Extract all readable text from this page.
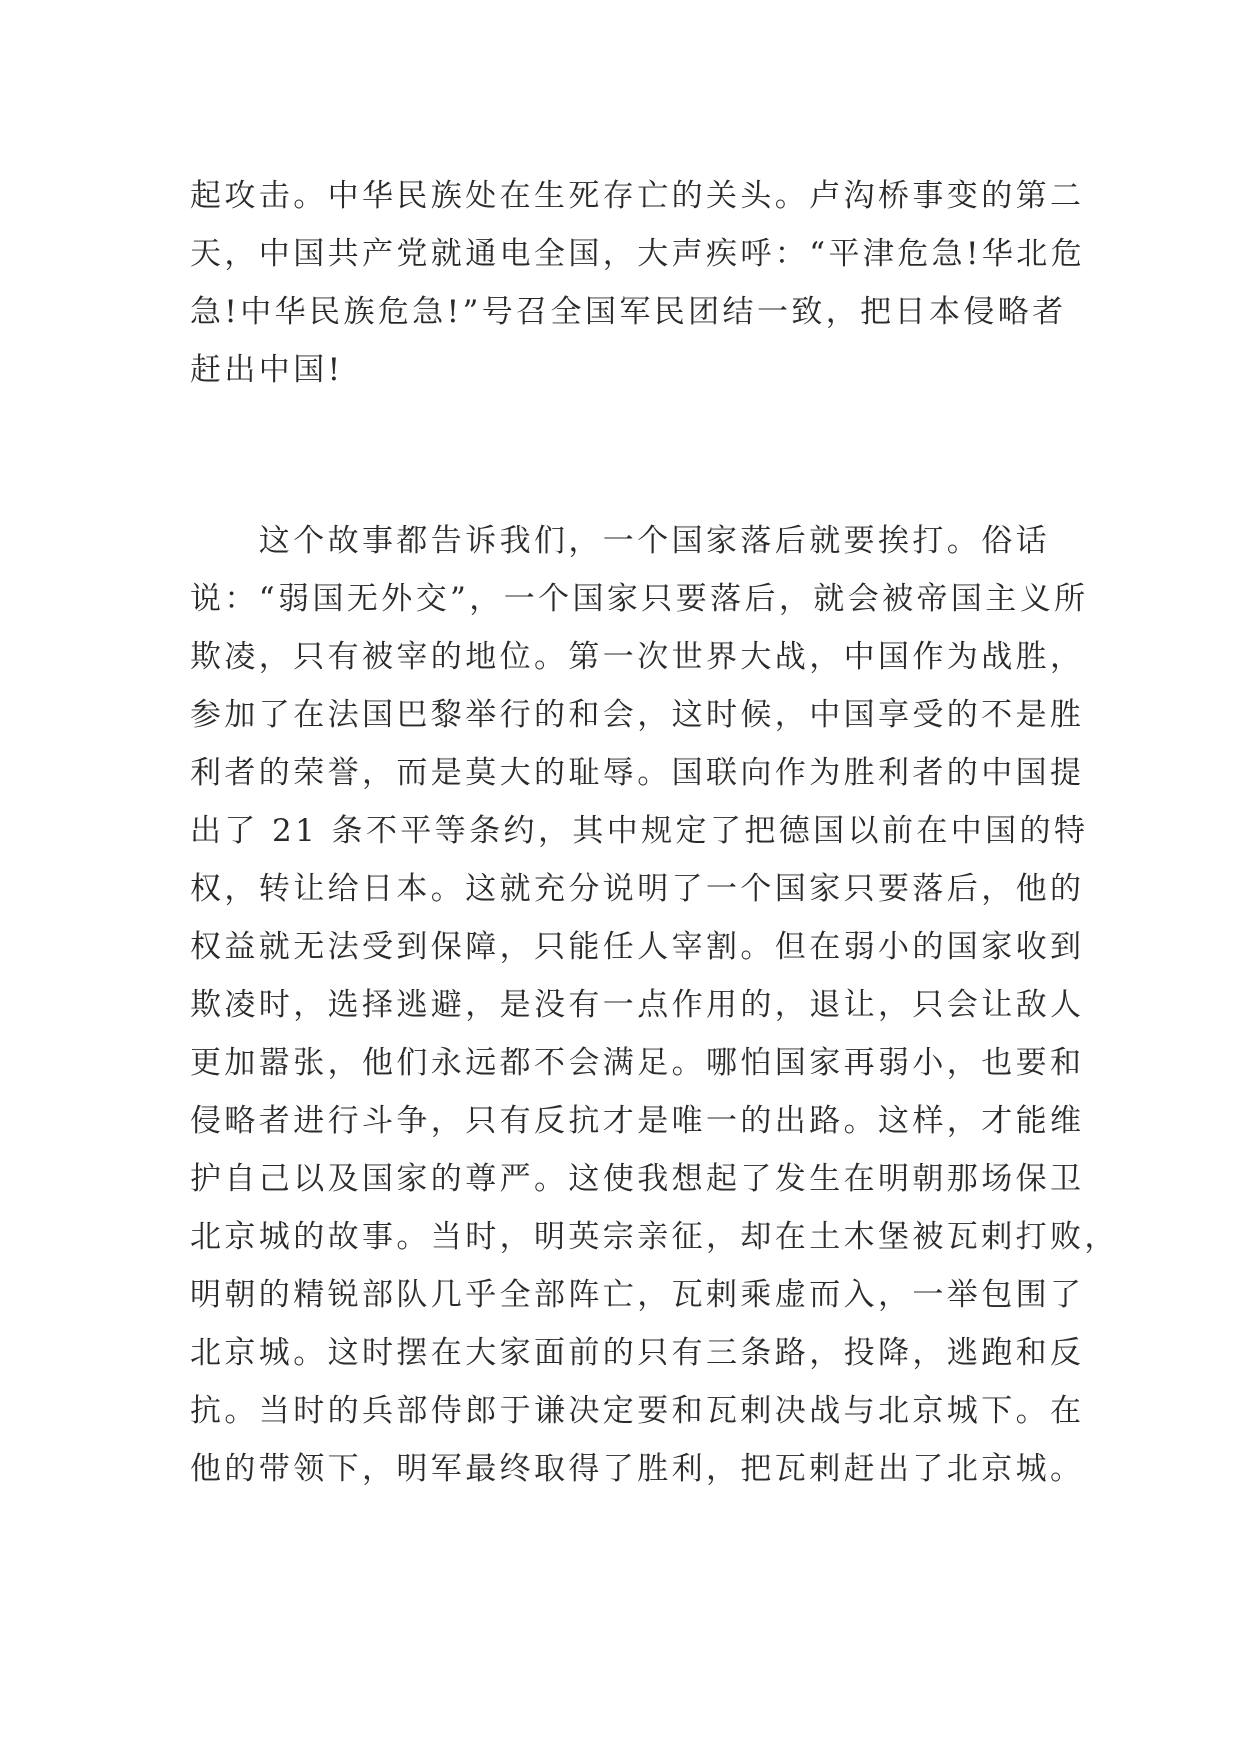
起攻击。中华民族处在生死存亡的关头。卢沟桥事变的第二
天，中国共产党就通电全国，大声疾呼：“平津危急!华北危
急!中华民族危急!”号召全国军民团结一致，把日本侵略者
赶出中国!
　　这个故事都告诉我们，一个国家落后就要挨打。俗话
说：“弱国无外交”，一个国家只要落后，就会被帝国主义所
欺凌，只有被宰的地位。第一次世界大战，中国作为战胜，
参加了在法国巴黎举行的和会，这时候，中国享受的不是胜
利者的荣誉，而是莫大的耻辱。国联向作为胜利者的中国提
出了 21 条不平等条约，其中规定了把德国以前在中国的特
权，转让给日本。这就充分说明了一个国家只要落后，他的
权益就无法受到保障，只能任人宰割。但在弱小的国家收到
欺凌时，选择逃避，是没有一点作用的，退让，只会让敌人
更加嚣张，他们永远都不会满足。哪怕国家再弱小，也要和
侵略者进行斗争，只有反抗才是唯一的出路。这样，才能维
护自己以及国家的尊严。这使我想起了发生在明朝那场保卫
北京城的故事。当时，明英宗亲征，却在土木堡被瓦剌打败，
明朝的精锐部队几乎全部阵亡，瓦剌乘虚而入，一举包围了
北京城。这时摆在大家面前的只有三条路，投降，逃跑和反
抗。当时的兵部侍郎于谦决定要和瓦剌决战与北京城下。在
他的带领下，明军最终取得了胜利，把瓦剌赶出了北京城。
